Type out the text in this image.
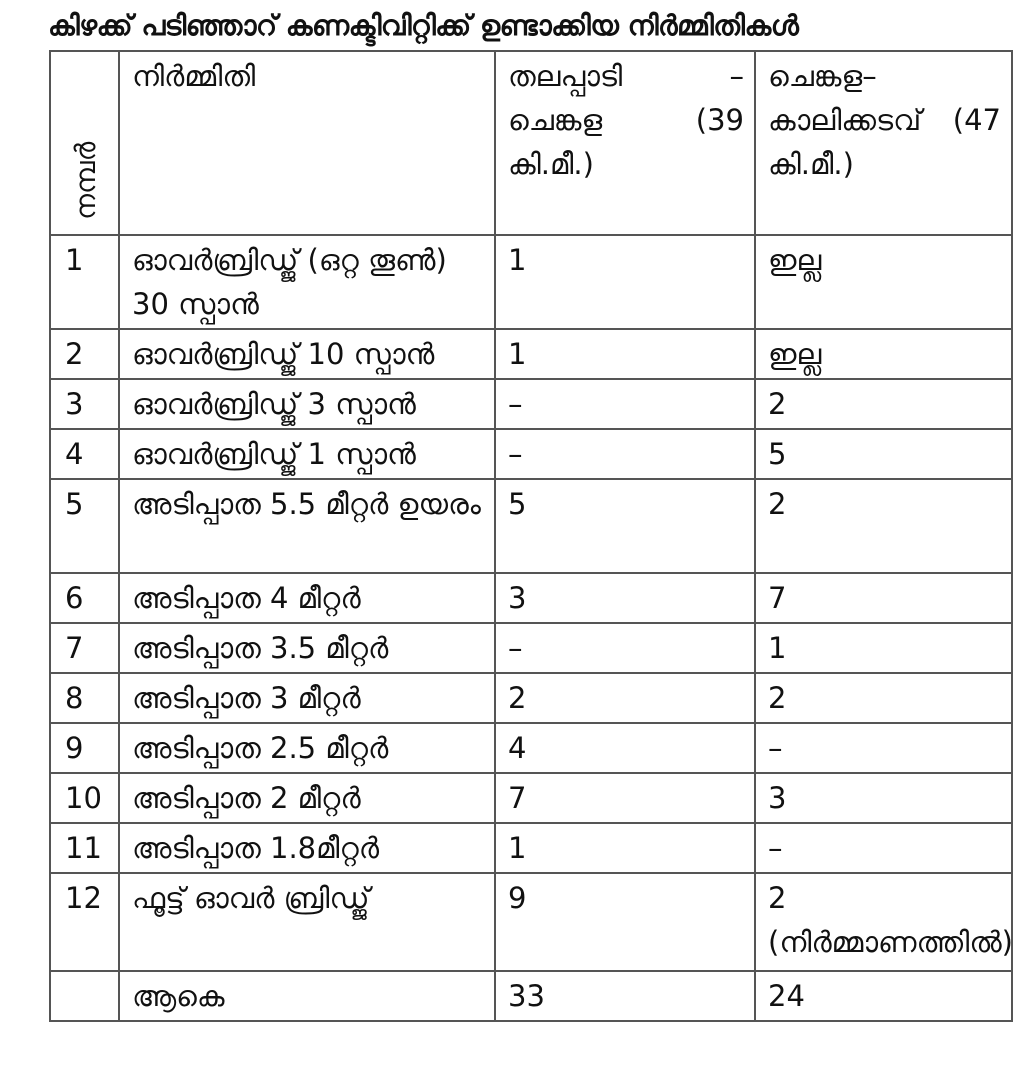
കിഴക്ക് പടിഞ്ഞാറ് കണക്ടിവിറ്റിക്ക് ഉണ്ടാക്കിയ നിർമ്മിതികൾ
നമ്പർ	നിർമ്മിതി	തലപ്പാടി – ചെങ്കള (39 കി.മീ.)	ചെങ്കള– കാലിക്കടവ് (47 കി.മീ.)
1	ഓവർബ്രിഡ്ജ് (ഒറ്റ തൂണ്‍) 30 സ്പാൻ	1	ഇല്ല
2	ഓവർബ്രിഡ്ജ് 10 സ്പാൻ	1	ഇല്ല
3	ഓവർബ്രിഡ്ജ് 3 സ്പാൻ	–	2
4	ഓവർബ്രിഡ്ജ് 1 സ്പാൻ	–	5
5	അടിപ്പാത 5.5 മീറ്റർ ഉയരം	5	2
6	അടിപ്പാത 4 മീറ്റർ	3	7
7	അടിപ്പാത 3.5 മീറ്റർ	–	1
8	അടിപ്പാത 3 മീറ്റർ	2	2
9	അടിപ്പാത 2.5 മീറ്റർ	4	–
10	അടിപ്പാത 2 മീറ്റർ	7	3
11	അടിപ്പാത 1.8മീറ്റർ	1	–
12	ഫൂട്ട് ഓവർ ബ്രിഡ്ജ്	9	2 (നിർമ്മാണത്തിൽ)
	ആകെ	33	24
